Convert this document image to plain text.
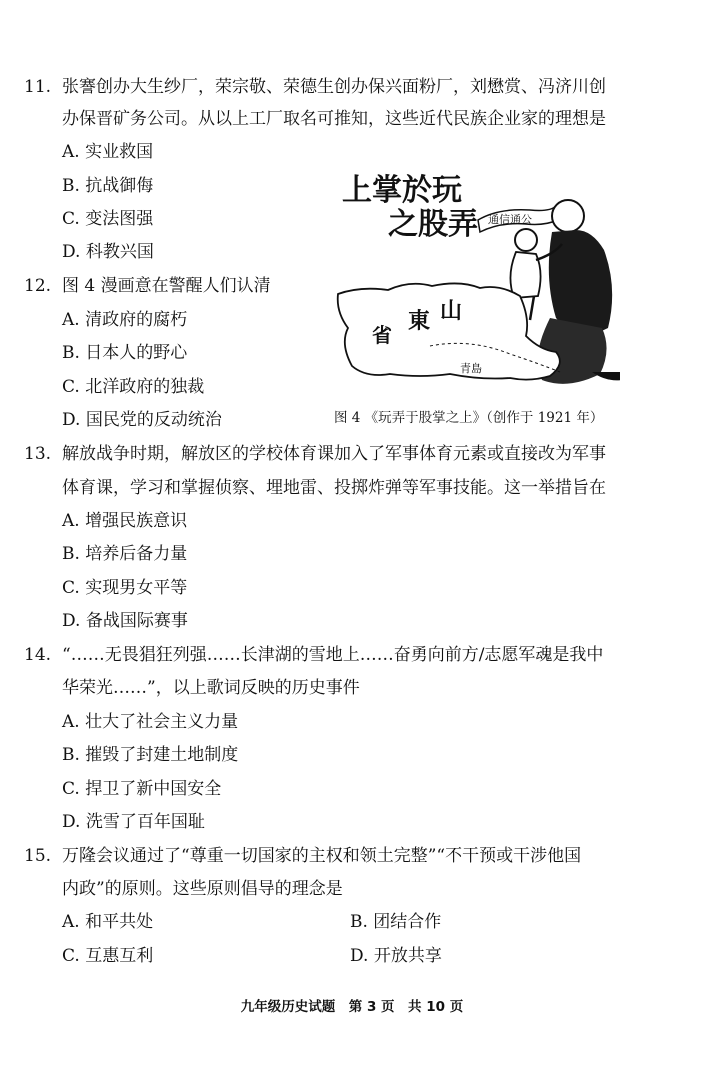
11. 张謇创办大生纱厂，荣宗敬、荣德生创办保兴面粉厂，刘懋赏、冯济川创
办保晋矿务公司。从以上工厂取名可推知，这些近代民族企业家的理想是
A. 实业救国
B. 抗战御侮
C. 变法图强
D. 科教兴国
12. 图 4 漫画意在警醒人们认清
A. 清政府的腐朽
B. 日本人的野心
C. 北洋政府的独裁
D. 国民党的反动统治
上掌於玩
之股弄 通信通公
山
東
省
青島
图 4 《玩弄于股掌之上》（创作于 1921 年）
13. 解放战争时期，解放区的学校体育课加入了军事体育元素或直接改为军事
体育课，学习和掌握侦察、埋地雷、投掷炸弹等军事技能。这一举措旨在
A. 增强民族意识
B. 培养后备力量
C. 实现男女平等
D. 备战国际赛事
14. “……无畏猖狂列强……长津湖的雪地上……奋勇向前方/志愿军魂是我中
华荣光……”，以上歌词反映的历史事件
A. 壮大了社会主义力量
B. 摧毁了封建土地制度
C. 捍卫了新中国安全
D. 洗雪了百年国耻
15. 万隆会议通过了“尊重一切国家的主权和领土完整”“不干预或干涉他国
内政”的原则。这些原则倡导的理念是
A. 和平共处	B. 团结合作
C. 互惠互利	D. 开放共享
九年级历史试题　第 3 页　共 10 页
